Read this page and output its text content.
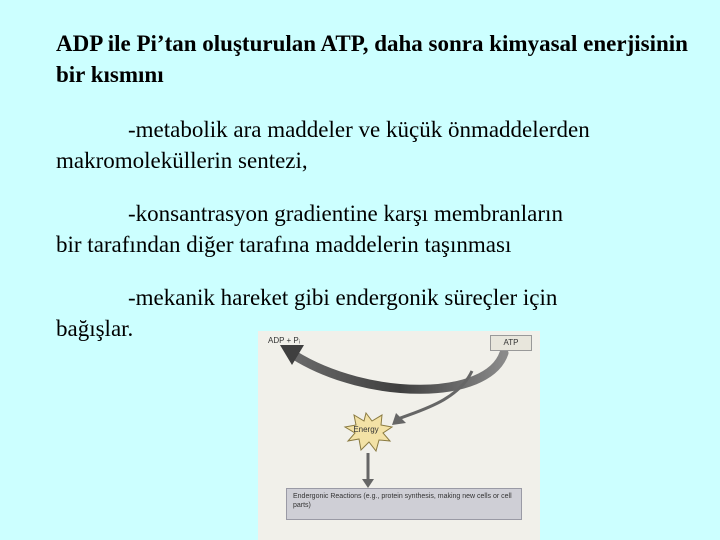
ADP ile Pi’tan oluşturulan ATP, daha sonra kimyasal enerjisinin bir kısmını
-metabolik ara maddeler ve küçük önmaddelerden
makromoleküllerin sentezi,
-konsantrasyon gradientine karşı membranların
bir tarafından diğer tarafına maddelerin taşınması
-mekanik hareket gibi endergonik süreçler için
bağışlar.	ADP + Pᵢ	ATP
Energy
Endergonic Reactions (e.g., protein synthesis, making new cells or cell parts)
